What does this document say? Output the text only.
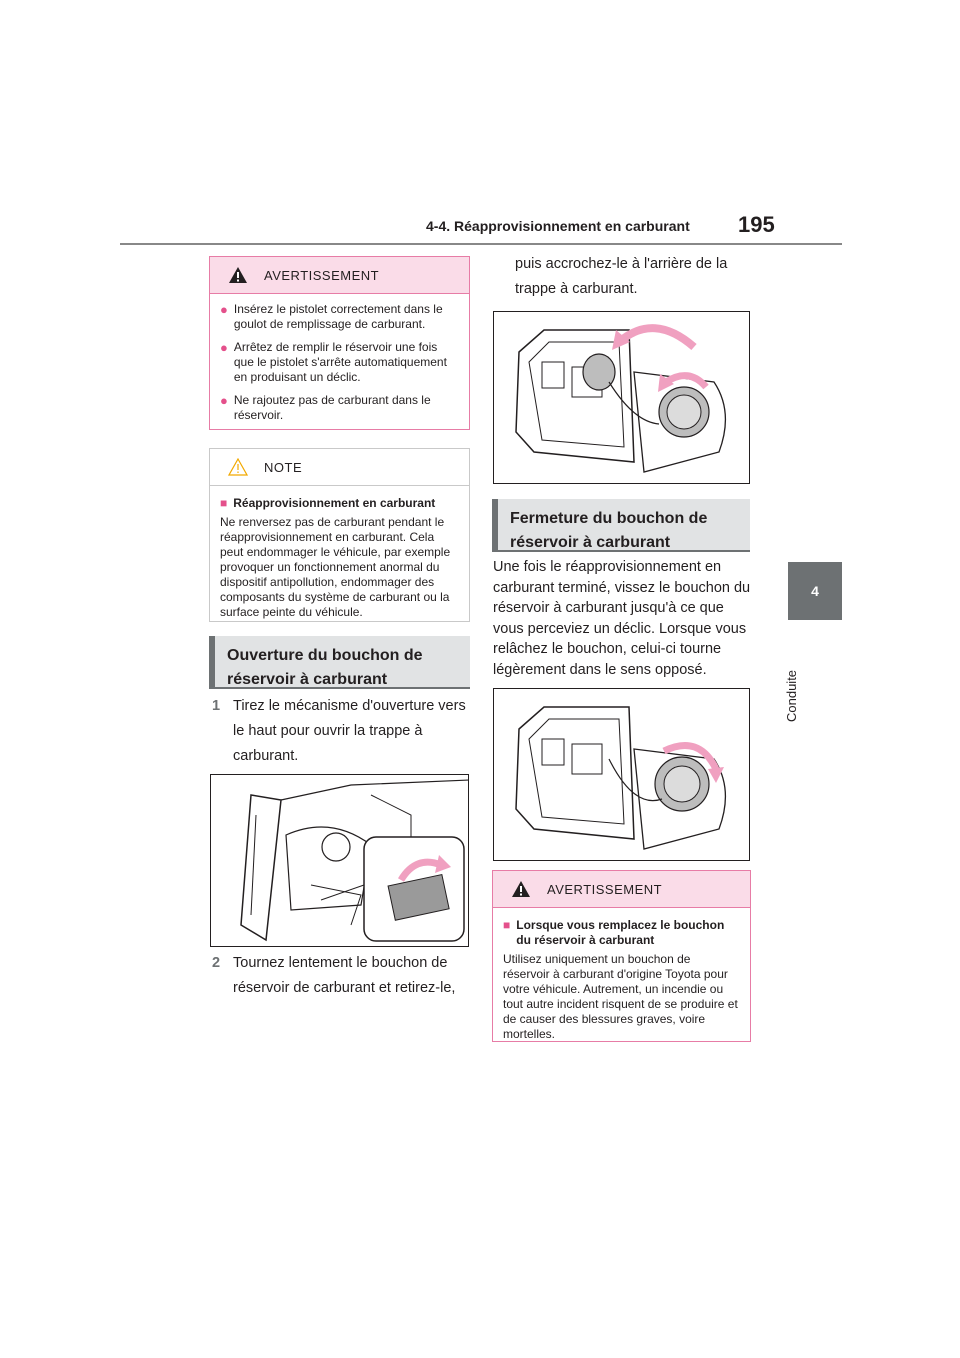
4-4. Réapprovisionnement en carburant 195
4
Conduite
AVERTISSEMENT
● Insérez le pistolet correctement dans le goulot de remplissage de carburant.
● Arrêtez de remplir le réservoir une fois que le pistolet s'arrête automatiquement en produisant un déclic.
● Ne rajoutez pas de carburant dans le réservoir.
NOTE
■ Réapprovisionnement en carburant
Ne renversez pas de carburant pendant le réapprovisionnement en carburant. Cela peut endommager le véhicule, par exemple provoquer un fonctionnement anormal du dispositif antipollution, endommager des composants du système de carburant ou la surface peinte du véhicule.
Ouverture du bouchon de réservoir à carburant
1 Tirez le mécanisme d'ouverture vers le haut pour ouvrir la trappe à carburant.
2 Tournez lentement le bouchon de réservoir de carburant et retirez-le,
puis accrochez-le à l'arrière de la trappe à carburant.
Fermeture du bouchon de réservoir à carburant
Une fois le réapprovisionnement en carburant terminé, vissez le bouchon du réservoir à carburant jusqu'à ce que vous perceviez un déclic. Lorsque vous relâchez le bouchon, celui-ci tourne légèrement dans le sens opposé.
AVERTISSEMENT
■ Lorsque vous remplacez le bouchon du réservoir à carburant
Utilisez uniquement un bouchon de réservoir à carburant d'origine Toyota pour votre véhicule. Autrement, un incendie ou tout autre incident risquent de se produire et de causer des blessures graves, voire mortelles.
